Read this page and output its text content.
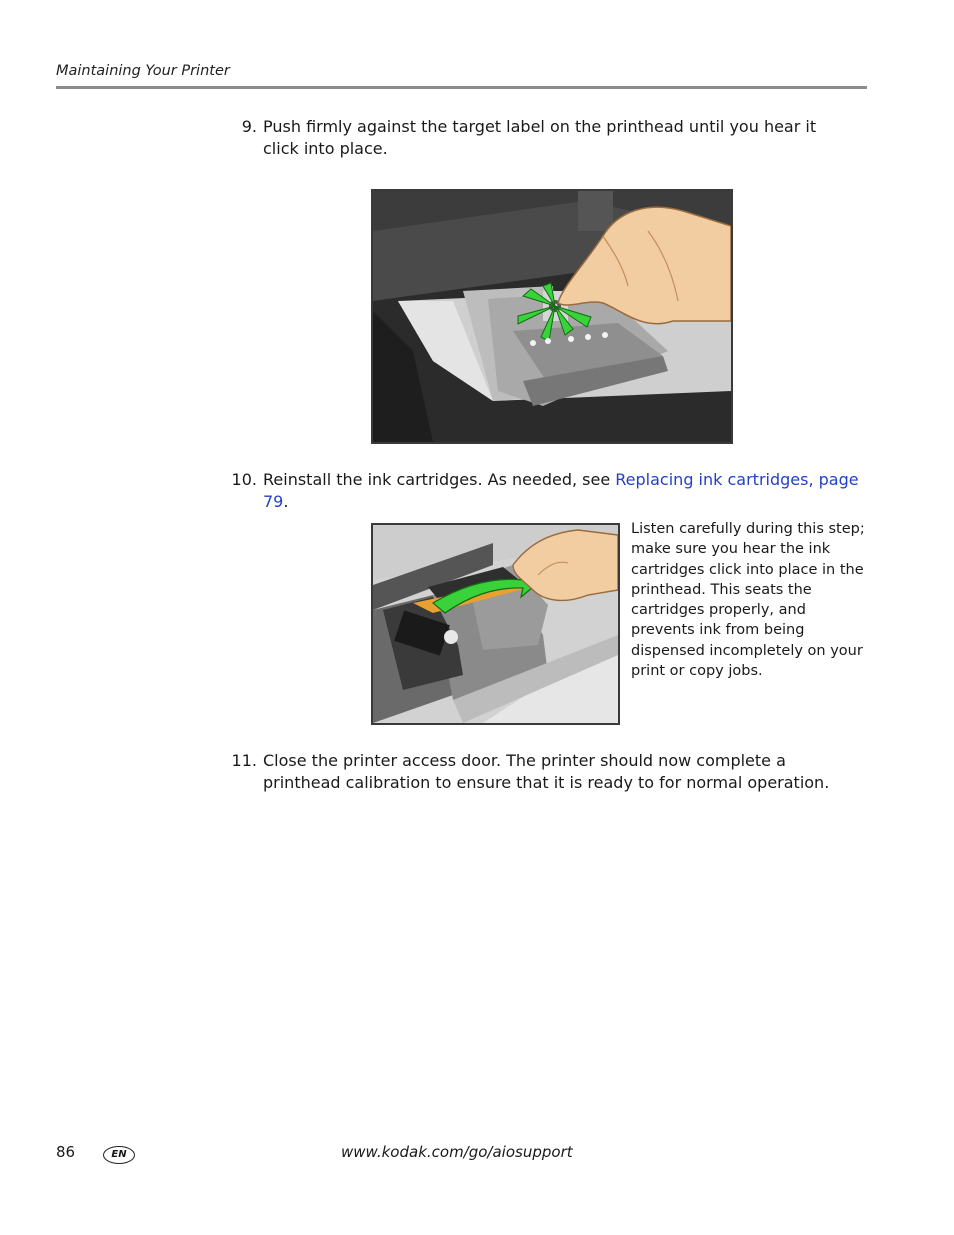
Maintaining Your Printer
9. Push firmly against the target label on the printhead until you hear it click into place.
10. Reinstall the ink cartridges. As needed, see Replacing ink cartridges, page 79.
Listen carefully during this step; make sure you hear the ink cartridges click into place in the printhead. This seats the cartridges properly, and prevents ink from being dispensed incompletely on your print or copy jobs.
11. Close the printer access door. The printer should now complete a printhead calibration to ensure that it is ready to for normal operation.
86	EN	www.kodak.com/go/aiosupport
